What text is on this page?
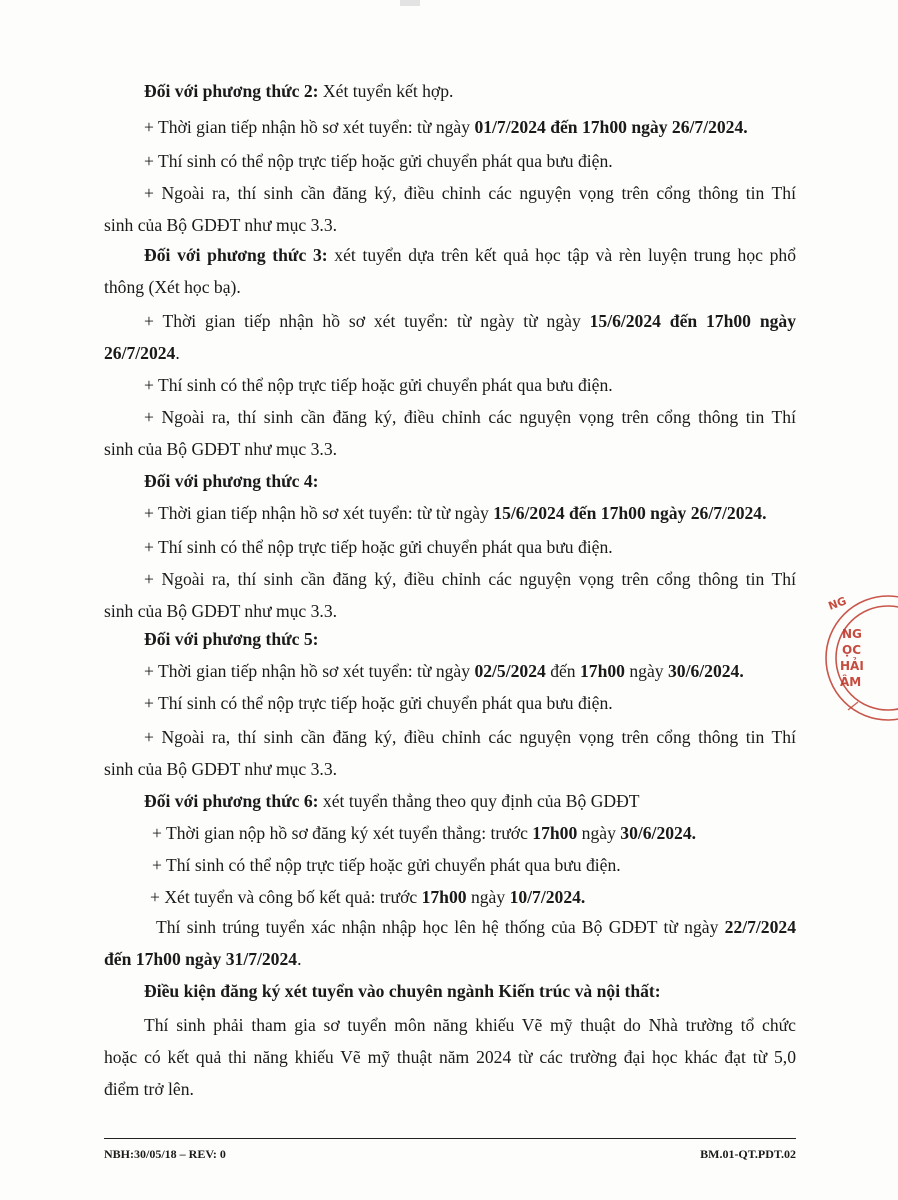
Đối với phương thức 2: Xét tuyển kết hợp.
+ Thời gian tiếp nhận hồ sơ xét tuyển: từ ngày 01/7/2024 đến 17h00 ngày 26/7/2024.
+ Thí sinh có thể nộp trực tiếp hoặc gửi chuyển phát qua bưu điện.
+ Ngoài ra, thí sinh cần đăng ký, điều chỉnh các nguyện vọng trên cổng thông tin Thí
sinh của Bộ GDĐT như mục 3.3.
Đối với phương thức 3: xét tuyển dựa trên kết quả học tập và rèn luyện trung học phổ
thông (Xét học bạ).
+ Thời gian tiếp nhận hồ sơ xét tuyển: từ ngày từ ngày 15/6/2024 đến 17h00 ngày
26/7/2024.
+ Thí sinh có thể nộp trực tiếp hoặc gửi chuyển phát qua bưu điện.
+ Ngoài ra, thí sinh cần đăng ký, điều chỉnh các nguyện vọng trên cổng thông tin Thí
sinh của Bộ GDĐT như mục 3.3.
Đối với phương thức 4:
+ Thời gian tiếp nhận hồ sơ xét tuyển: từ từ ngày 15/6/2024 đến 17h00 ngày 26/7/2024.
+ Thí sinh có thể nộp trực tiếp hoặc gửi chuyển phát qua bưu điện.
+ Ngoài ra, thí sinh cần đăng ký, điều chỉnh các nguyện vọng trên cổng thông tin Thí
sinh của Bộ GDĐT như mục 3.3.
Đối với phương thức 5:
+ Thời gian tiếp nhận hồ sơ xét tuyển: từ ngày 02/5/2024 đến 17h00 ngày 30/6/2024.
+ Thí sinh có thể nộp trực tiếp hoặc gửi chuyển phát qua bưu điện.
+ Ngoài ra, thí sinh cần đăng ký, điều chỉnh các nguyện vọng trên cổng thông tin Thí
sinh của Bộ GDĐT như mục 3.3.
Đối với phương thức 6: xét tuyển thẳng theo quy định của Bộ GDĐT
+ Thời gian nộp hồ sơ đăng ký xét tuyển thẳng: trước 17h00 ngày 30/6/2024.
+ Thí sinh có thể nộp trực tiếp hoặc gửi chuyển phát qua bưu điện.
+ Xét tuyển và công bố kết quả: trước 17h00 ngày 10/7/2024.
Thí sinh trúng tuyển xác nhận nhập học lên hệ thống của Bộ GDĐT từ ngày 22/7/2024
đến 17h00 ngày 31/7/2024.
Điều kiện đăng ký xét tuyển vào chuyên ngành Kiến trúc và nội thất:
Thí sinh phải tham gia sơ tuyển môn năng khiếu Vẽ mỹ thuật do Nhà trường tổ chức
hoặc có kết quả thi năng khiếu Vẽ mỹ thuật năm 2024 từ các trường đại học khác đạt từ 5,0
điểm trở lên.
NBH:30/05/18 – REV: 0	BM.01-QT.PDT.02
NG
NG
ỌC
HẢI
ÂM
